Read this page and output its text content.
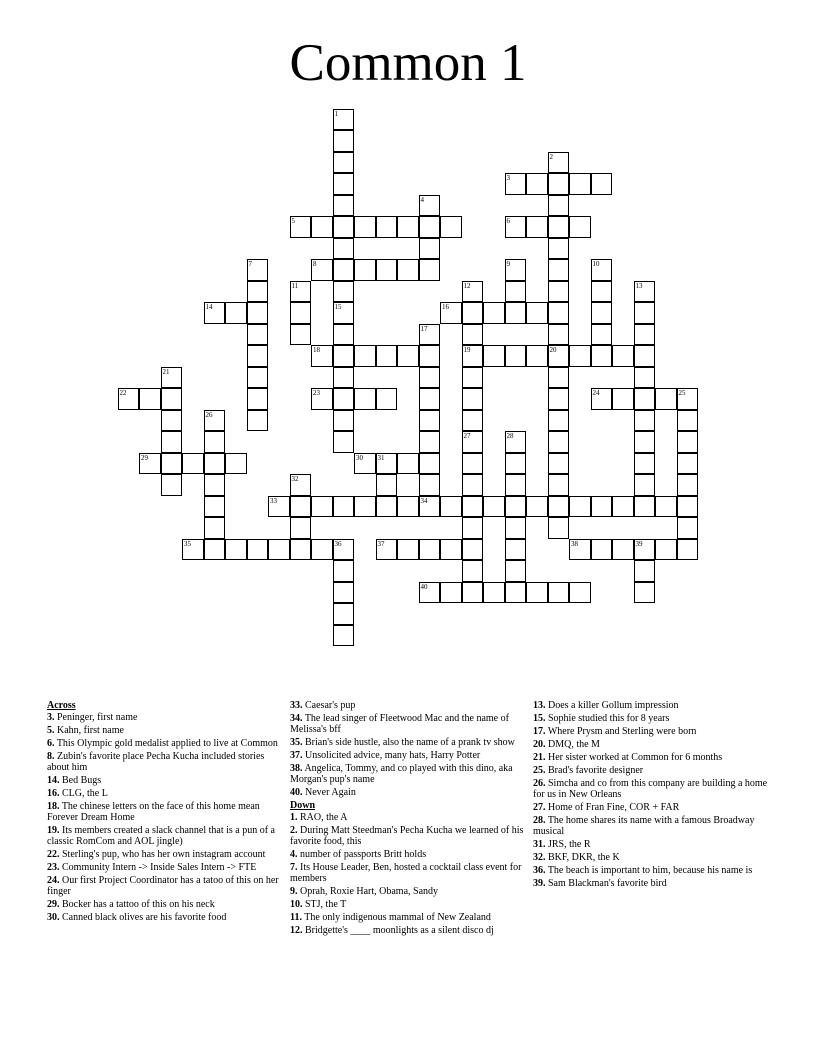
Common 1
3
5	6
8
14	16
18	19	20
22	23	24	25
29	30 31
33	34
35	36	37	38	39
40
1
2
4
7	9	10
11	12	13
15
17
21
26
27	28
32
Across
3. Peninger, first name
5. Kahn, first name
6. This Olympic gold medalist applied to live at Common
8. Zubin's favorite place Pecha Kucha included stories about him
14. Bed Bugs
16. CLG, the L
18. The chinese letters on the face of this home mean Forever Dream Home
19. Its members created a slack channel that is a pun of a classic RomCom and AOL jingle)
22. Sterling's pup, who has her own instagram account
23. Community Intern -> Inside Sales Intern -> FTE
24. Our first Project Coordinator has a tatoo of this on her finger
29. Bocker has a tattoo of this on his neck
30. Canned black olives are his favorite food
33. Caesar's pup
34. The lead singer of Fleetwood Mac and the name of Melissa's bff
35. Brian's side hustle, also the name of a prank tv show
37. Unsolicited advice, many hats, Harry Potter
38. Angelica, Tommy, and co played with this dino, aka Morgan's pup's name
40. Never Again
Down
1. RAO, the A
2. During Matt Steedman's Pecha Kucha we learned of his favorite food, this
4. number of passports Britt holds
7. Its House Leader, Ben, hosted a cocktail class event for members
9. Oprah, Roxie Hart, Obama, Sandy
10. STJ, the T
11. The only indigenous mammal of New Zealand
12. Bridgette's ____ moonlights as a silent disco dj
13. Does a killer Gollum impression
15. Sophie studied this for 8 years
17. Where Prysm and Sterling were born
20. DMQ, the M
21. Her sister worked at Common for 6 months
25. Brad's favorite designer
26. Simcha and co from this company are building a home for us in New Orleans
27. Home of Fran Fine, COR + FAR
28. The home shares its name with a famous Broadway musical
31. JRS, the R
32. BKF, DKR, the K
36. The beach is important to him, because his name is
39. Sam Blackman's favorite bird
